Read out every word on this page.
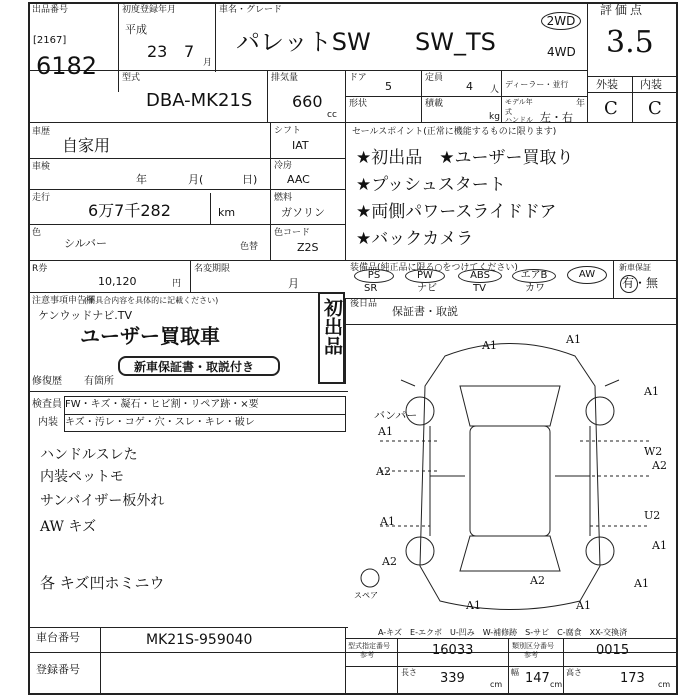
出品番号
[2167]
6182
初度登録年月
平成
23 7
月
車名・グレード
パレットSW SW_TS
2WD
4WD
評価点
3.5
外装 内装
C C
型式
DBA-MK21S
排気量
660
cc
ドア
5
定員
4 人
ディーラー・並行
形状	積載
kg
モデル年式
年
ハンドル 左・右
車歴
自家用
車検
年	月(	日)
走行
6万7千282	km
色
シルバー	色替
シフト
IAT
冷房
AAC
燃料
ガソリン
色コード
Z2S
R券
10,120	円
名変期限
月
セールスポイント(正常に機能するものに限ります)
★初出品　★ユーザー買取り
★プッシュスタート
★両側パワースライドドア
★バックカメラ
装備品(純正品に限る○をつけてください)
PS	PW	ABS	エアB	AW
SR	ナビ	TV	カワ
新車保証
有・無
注意事項申告欄
(不具合内容を具体的に記載ください)
ケンウッドナビ.TV
ユーザー買取車
新車保証書・取説付き
修復歴 有 箇所
初出品 後日品
保証書・取説
検査員 FW・キズ・凝石・ヒビ割・リペア跡・×要
内装 キズ・汚レ・コゲ・穴・スレ・キレ・破レ
ハンドルスレた
内装ペットモ
サンバイザー板外れ
AW キズ
各 キズ凹ホミニウ
スペア
A1	A1
A1
バンパー
A1
A2
W2
A2
A1	U2
A2
A1
A2
A1	A1
A1
A-キズ　E-エクボ　U-凹み　W-補修跡　S-サビ　C-腐食　XX-交換済
車台番号	MK21S-959040
登録番号
型式指定番号
参考	16033	類別区分番号
参考	0015
長さ 339	cm
幅 147 cm
高さ	173 cm
